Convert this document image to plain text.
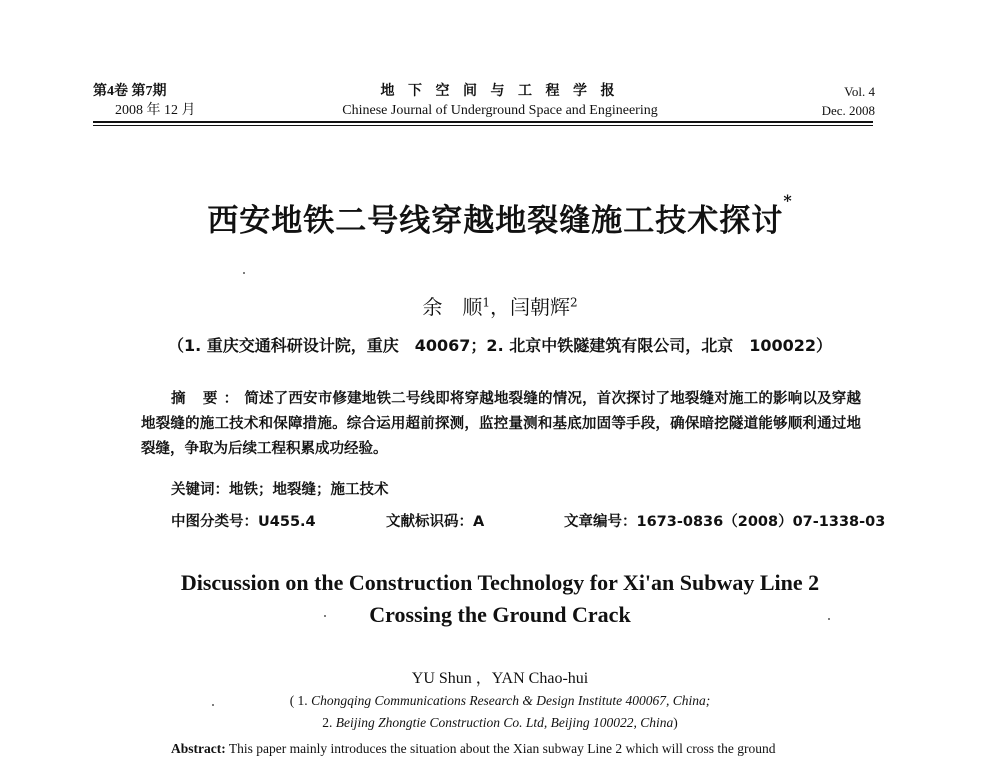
第4卷 第7期
2008 年 12 月
地 下 空 间 与 工 程 学 报
Chinese Journal of Underground Space and Engineering
Vol. 4
Dec. 2008
西安地铁二号线穿越地裂缝施工技术探讨*
余　顺$^1$，闫朝辉$^2$
（1. 重庆交通科研设计院，重庆　40067；2. 北京中铁隧建筑有限公司，北京　100022）
摘 要：简述了西安市修建地铁二号线即将穿越地裂缝的情况，首次探讨了地裂缝对施工的影响以及穿越地裂缝的施工技术和保障措施。综合运用超前探测，监控量测和基底加固等手段，确保暗挖隧道能够顺利通过地裂缝，争取为后续工程积累成功经验。
关键词：地铁；地裂缝；施工技术
中图分类号：U455.4	文献标识码：A	文章编号：1673-0836（2008）07-1338-03
Discussion on the Construction Technology for Xi'an Subway Line 2
Crossing the Ground Crack
YU Shun ，YAN Chao-hui
( 1. Chongqing Communications Research & Design Institute 400067, China;
2. Beijing Zhongtie Construction Co. Ltd, Beijing 100022, China)
Abstract: This paper mainly introduces the situation about the Xian subway Line 2 which will cross the ground
